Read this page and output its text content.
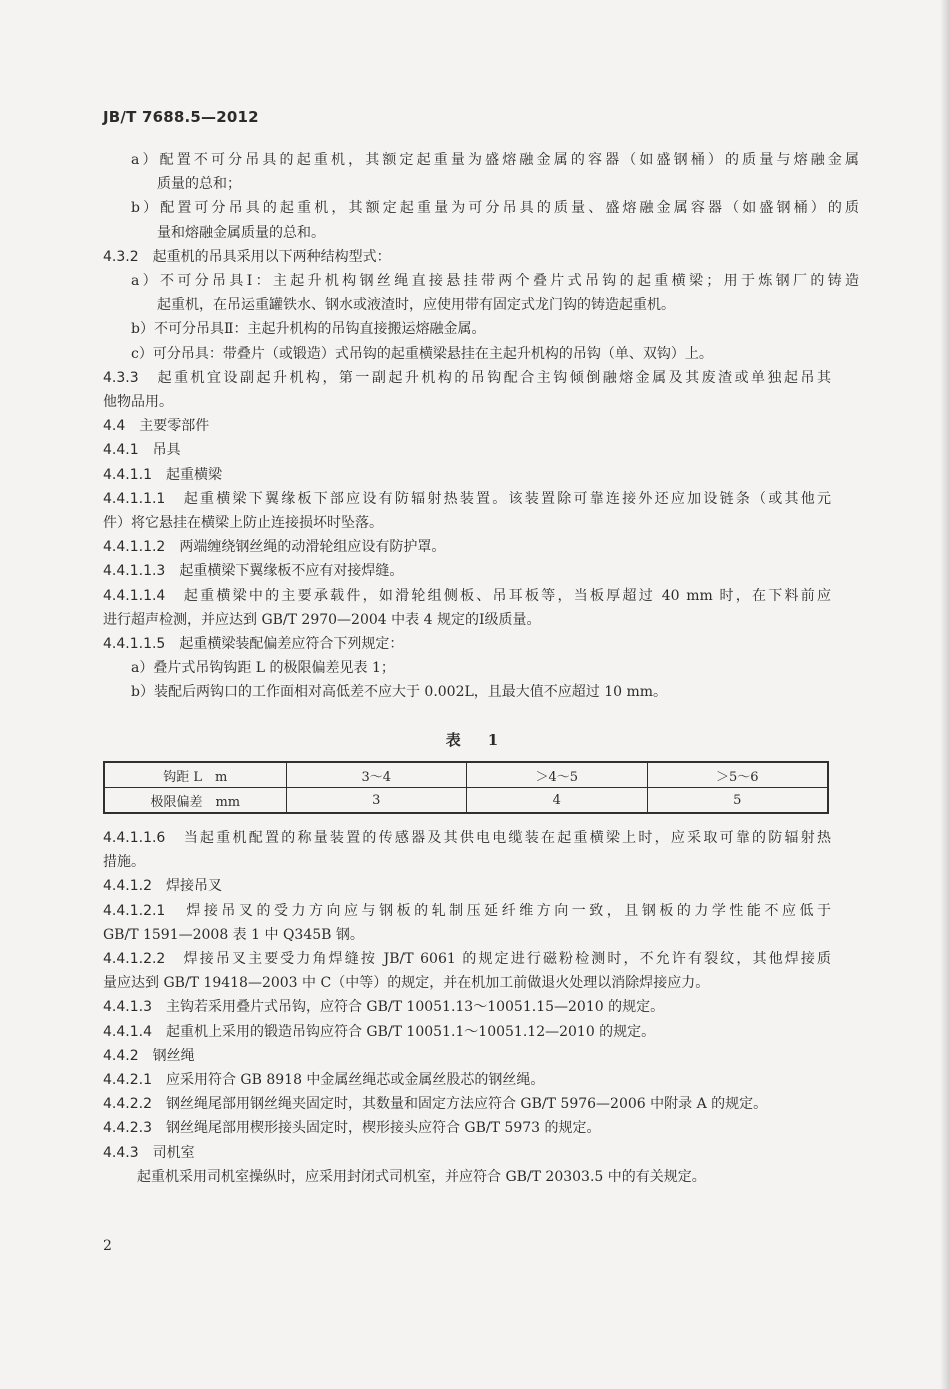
JB/T 7688.5—2012
a）配置不可分吊具的起重机，其额定起重量为盛熔融金属的容器（如盛钢桶）的质量与熔融金属
质量的总和；
b）配置可分吊具的起重机，其额定起重量为可分吊具的质量、盛熔融金属容器（如盛钢桶）的质
量和熔融金属质量的总和。
4.3.2　起重机的吊具采用以下两种结构型式：
a）不可分吊具Ⅰ：主起升机构钢丝绳直接悬挂带两个叠片式吊钩的起重横梁；用于炼钢厂的铸造
起重机，在吊运重罐铁水、钢水或液渣时，应使用带有固定式龙门钩的铸造起重机。
b）不可分吊具Ⅱ：主起升机构的吊钩直接搬运熔融金属。
c）可分吊具：带叠片（或锻造）式吊钩的起重横梁悬挂在主起升机构的吊钩（单、双钩）上。
4.3.3　起重机宜设副起升机构，第一副起升机构的吊钩配合主钩倾倒融熔金属及其废渣或单独起吊其
他物品用。
4.4　主要零部件
4.4.1　吊具
4.4.1.1　起重横梁
4.4.1.1.1　起重横梁下翼缘板下部应设有防辐射热装置。该装置除可靠连接外还应加设链条（或其他元
件）将它悬挂在横梁上防止连接损坏时坠落。
4.4.1.1.2　两端缠绕钢丝绳的动滑轮组应设有防护罩。
4.4.1.1.3　起重横梁下翼缘板不应有对接焊缝。
4.4.1.1.4　起重横梁中的主要承载件，如滑轮组侧板、吊耳板等，当板厚超过 40 mm 时，在下料前应
进行超声检测，并应达到 GB/T 2970—2004 中表 4 规定的Ⅰ级质量。
4.4.1.1.5　起重横梁装配偏差应符合下列规定：
a）叠片式吊钩钩距 L 的极限偏差见表 1；
b）装配后两钩口的工作面相对高低差不应大于 0.002L，且最大值不应超过 10 mm。
表　1
钩距 L　m	3～4	＞4～5	＞5～6
极限偏差　mm	3	4	5
4.4.1.1.6　当起重机配置的称量装置的传感器及其供电电缆装在起重横梁上时，应采取可靠的防辐射热
措施。
4.4.1.2　焊接吊叉
4.4.1.2.1　焊接吊叉的受力方向应与钢板的轧制压延纤维方向一致，且钢板的力学性能不应低于
GB/T 1591—2008 表 1 中 Q345B 钢。
4.4.1.2.2　焊接吊叉主要受力角焊缝按 JB/T 6061 的规定进行磁粉检测时，不允许有裂纹，其他焊接质
量应达到 GB/T 19418—2003 中 C（中等）的规定，并在机加工前做退火处理以消除焊接应力。
4.4.1.3　主钩若采用叠片式吊钩，应符合 GB/T 10051.13～10051.15—2010 的规定。
4.4.1.4　起重机上采用的锻造吊钩应符合 GB/T 10051.1～10051.12—2010 的规定。
4.4.2　钢丝绳
4.4.2.1　应采用符合 GB 8918 中金属丝绳芯或金属丝股芯的钢丝绳。
4.4.2.2　钢丝绳尾部用钢丝绳夹固定时，其数量和固定方法应符合 GB/T 5976—2006 中附录 A 的规定。
4.4.2.3　钢丝绳尾部用楔形接头固定时，楔形接头应符合 GB/T 5973 的规定。
4.4.3　司机室
起重机采用司机室操纵时，应采用封闭式司机室，并应符合 GB/T 20303.5 中的有关规定。
2
